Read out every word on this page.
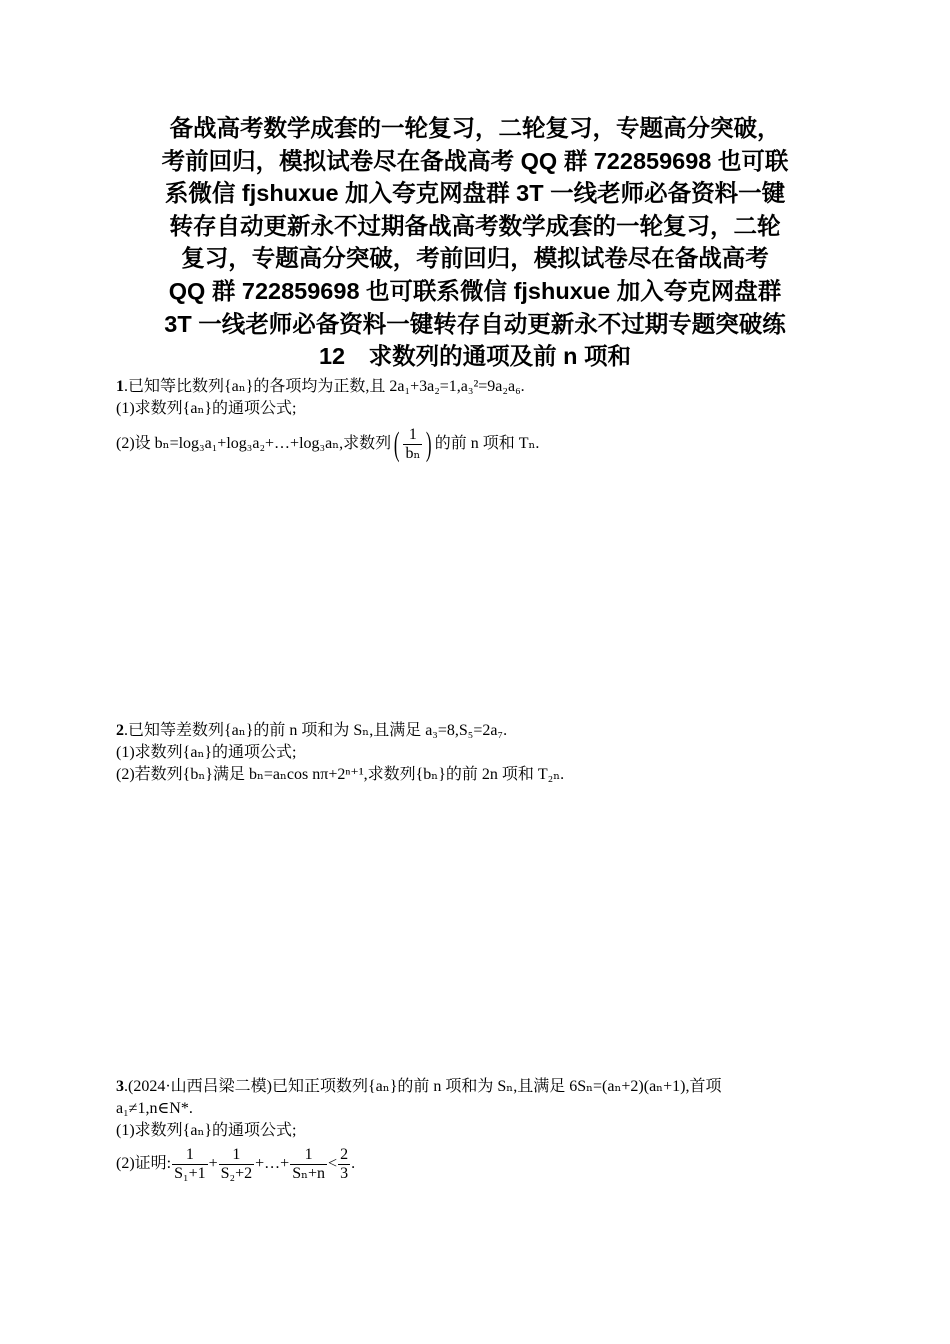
备战高考数学成套的一轮复习，二轮复习，专题高分突破，
考前回归，模拟试卷尽在备战高考 QQ 群 722859698 也可联
系微信 fjshuxue 加入夸克网盘群 3T 一线老师必备资料一键
转存自动更新永不过期备战高考数学成套的一轮复习，二轮
复习，专题高分突破，考前回归，模拟试卷尽在备战高考
QQ 群 722859698 也可联系微信 fjshuxue 加入夸克网盘群
3T 一线老师必备资料一键转存自动更新永不过期专题突破练
12　求数列的通项及前 n 项和
1.已知等比数列{aₙ}的各项均为正数,且 2a₁+3a₂=1,a₃²=9a₂a₆.
(1)求数列{aₙ}的通项公式;
(2)设 bₙ=log₃a₁+log₃a₂+…+log₃aₙ,求数列( $\frac{1}{\text{bₙ}}$ ) 的前 n 项和 Tₙ.
2.已知等差数列{aₙ}的前 n 项和为 Sₙ,且满足 a₃=8,S₅=2a₇.
(1)求数列{aₙ}的通项公式;
(2)若数列{bₙ}满足 bₙ=aₙcos nπ+2ⁿ⁺¹,求数列{bₙ}的前 2n 项和 T₂ₙ.
3.(2024·山西吕梁二模)已知正项数列{aₙ}的前 n 项和为 Sₙ,且满足 6Sₙ=(aₙ+2)(aₙ+1),首项
a₁≠1,n∈N*.
(1)求数列{aₙ}的通项公式;
(2)证明: $\frac{1}{\text{S₁+1}} + \frac{1}{\text{S₂+2}}$ +…+ $\frac{1}{\text{Sₙ+n}} < \frac{2}{3}$ .
